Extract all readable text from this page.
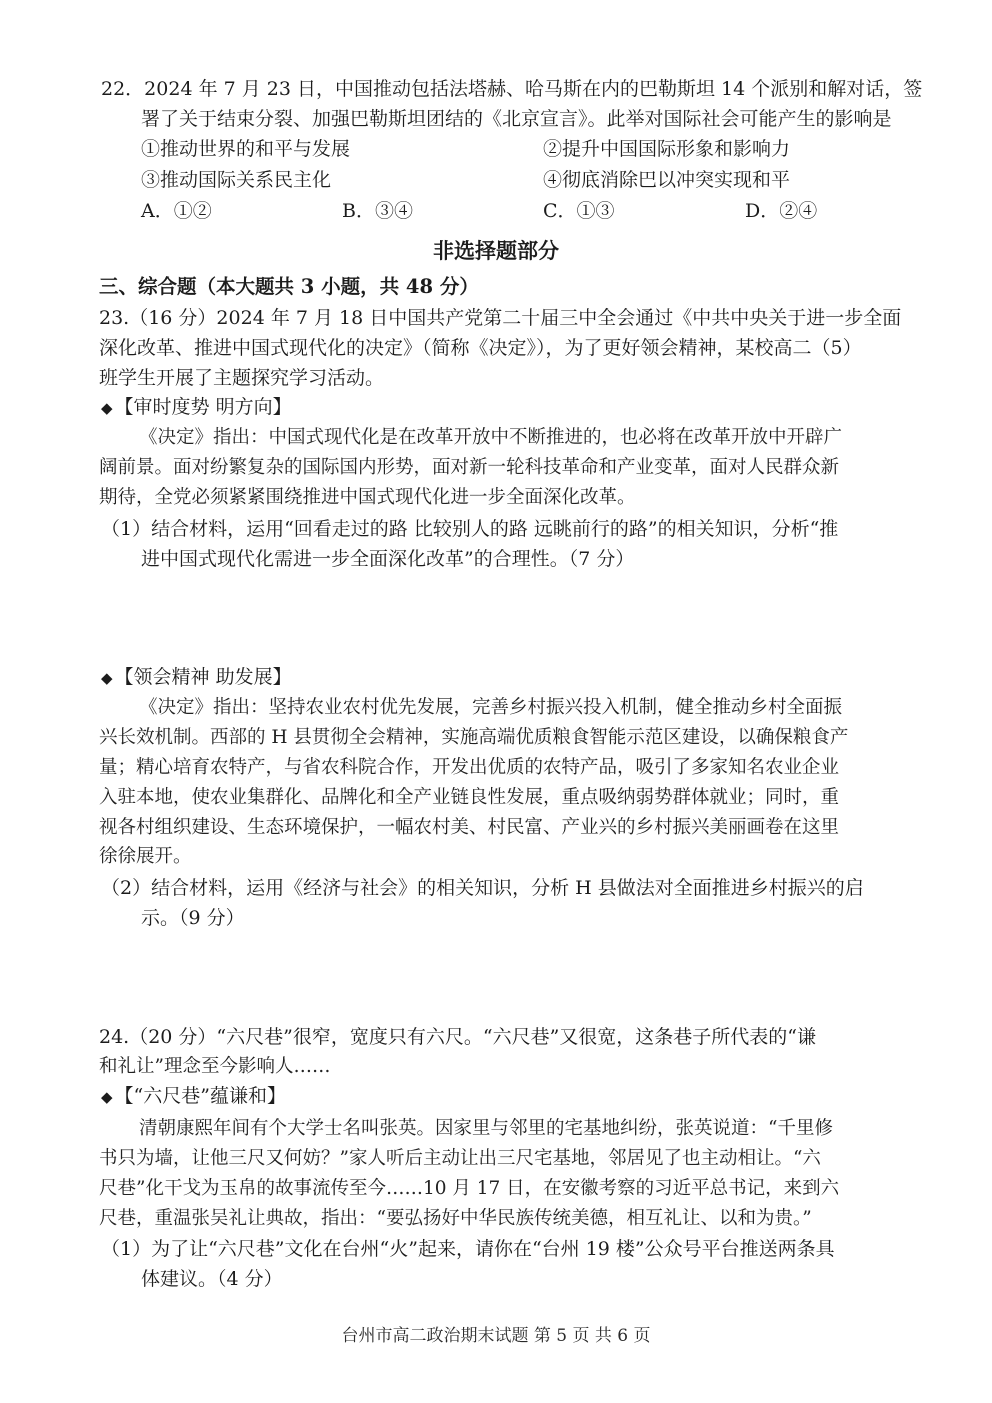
22．2024 年 7 月 23 日，中国推动包括法塔赫、哈马斯在内的巴勒斯坦 14 个派别和解对话，签
署了关于结束分裂、加强巴勒斯坦团结的《北京宣言》。此举对国际社会可能产生的影响是
①推动世界的和平与发展	②提升中国国际形象和影响力
③推动国际关系民主化	④彻底消除巴以冲突实现和平
A．①②	B．③④	C．①③	D．②④
非选择题部分
三、综合题（本大题共 3 小题，共 48 分）
23.（16 分）2024 年 7 月 18 日中国共产党第二十届三中全会通过《中共中央关于进一步全面
深化改革、推进中国式现代化的决定》（简称《决定》），为了更好领会精神，某校高二（5）
班学生开展了主题探究学习活动。
◆ 【审时度势 明方向】
《决定》指出：中国式现代化是在改革开放中不断推进的，也必将在改革开放中开辟广
阔前景。面对纷繁复杂的国际国内形势，面对新一轮科技革命和产业变革，面对人民群众新
期待，全党必须紧紧围绕推进中国式现代化进一步全面深化改革。
（1）结合材料，运用“回看走过的路 比较别人的路 远眺前行的路”的相关知识，分析“推
进中国式现代化需进一步全面深化改革”的合理性。（7 分）
◆ 【领会精神 助发展】
《决定》指出：坚持农业农村优先发展，完善乡村振兴投入机制，健全推动乡村全面振
兴长效机制。西部的 H 县贯彻全会精神，实施高端优质粮食智能示范区建设，以确保粮食产
量；精心培育农特产，与省农科院合作，开发出优质的农特产品，吸引了多家知名农业企业
入驻本地，使农业集群化、品牌化和全产业链良性发展，重点吸纳弱势群体就业；同时，重
视各村组织建设、生态环境保护，一幅农村美、村民富、产业兴的乡村振兴美丽画卷在这里
徐徐展开。
（2）结合材料，运用《经济与社会》的相关知识，分析 H 县做法对全面推进乡村振兴的启
示。（9 分）
24.（20 分）“六尺巷”很窄，宽度只有六尺。“六尺巷”又很宽，这条巷子所代表的“谦
和礼让”理念至今影响人……
◆ 【“六尺巷”蕴谦和】
清朝康熙年间有个大学士名叫张英。因家里与邻里的宅基地纠纷，张英说道：“千里修
书只为墙，让他三尺又何妨？”家人听后主动让出三尺宅基地，邻居见了也主动相让。“六
尺巷”化干戈为玉帛的故事流传至今……10 月 17 日，在安徽考察的习近平总书记，来到六
尺巷，重温张吴礼让典故，指出：“要弘扬好中华民族传统美德，相互礼让、以和为贵。”
（1）为了让“六尺巷”文化在台州“火”起来，请你在“台州 19 楼”公众号平台推送两条具
体建议。（4 分）
台州市高二政治期末试题 第 5 页 共 6 页
